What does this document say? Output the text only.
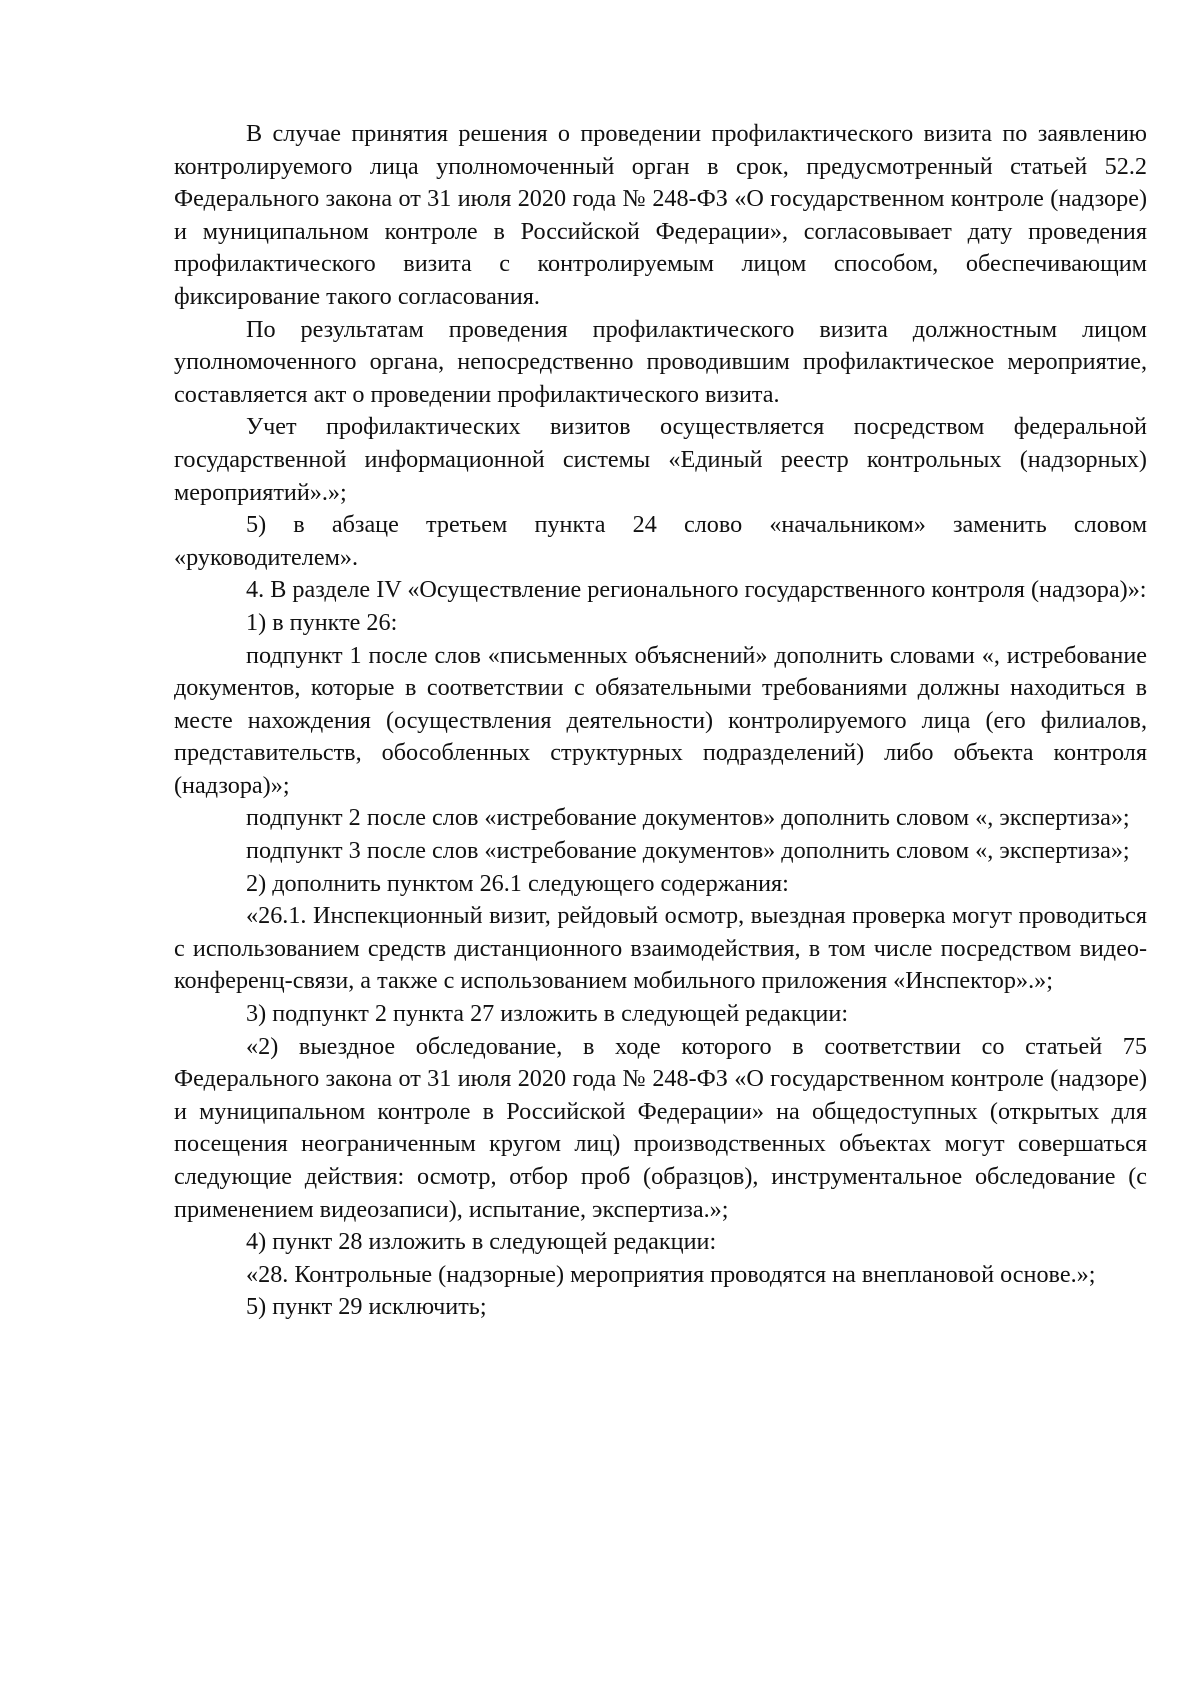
В случае принятия решения о проведении профилактического визита по заявлению контролируемого лица уполномоченный орган в срок, предусмотренный статьей 52.2 Федерального закона от 31 июля 2020 года № 248-ФЗ «О государственном контроле (надзоре) и муниципальном контроле в Российской Федерации», согласовывает дату проведения профилактического визита с контролируемым лицом способом, обеспечивающим фиксирование такого согласования.

По результатам проведения профилактического визита должностным лицом уполномоченного органа, непосредственно проводившим профилактическое мероприятие, составляется акт о проведении профилактического визита.

Учет профилактических визитов осуществляется посредством федеральной государственной информационной системы «Единый реестр контрольных (надзорных) мероприятий».»;

5) в абзаце третьем пункта 24 слово «начальником» заменить словом «руководителем».

4. В разделе IV «Осуществление регионального государственного контроля (надзора)»:

1) в пункте 26:

подпункт 1 после слов «письменных объяснений» дополнить словами «, истребование документов, которые в соответствии с обязательными требованиями должны находиться в месте нахождения (осуществления деятельности) контролируемого лица (его филиалов, представительств, обособленных структурных подразделений) либо объекта контроля (надзора)»;

подпункт 2 после слов «истребование документов» дополнить словом «, экспертиза»;

подпункт 3 после слов «истребование документов» дополнить словом «, экспертиза»;

2) дополнить пунктом 26.1 следующего содержания:

«26.1. Инспекционный визит, рейдовый осмотр, выездная проверка могут проводиться с использованием средств дистанционного взаимодействия, в том числе посредством видео-конференц-связи, а также с использованием мобильного приложения «Инспектор».»;

3) подпункт 2 пункта 27 изложить в следующей редакции:

«2) выездное обследование, в ходе которого в соответствии со статьей 75 Федерального закона от 31 июля 2020 года № 248-ФЗ «О государственном контроле (надзоре) и муниципальном контроле в Российской Федерации» на общедоступных (открытых для посещения неограниченным кругом лиц) производственных объектах могут совершаться следующие действия: осмотр, отбор проб (образцов), инструментальное обследование (с применением видеозаписи), испытание, экспертиза.»;

4) пункт 28 изложить в следующей редакции:

«28. Контрольные (надзорные) мероприятия проводятся на внеплановой основе.»;

5) пункт 29 исключить;
